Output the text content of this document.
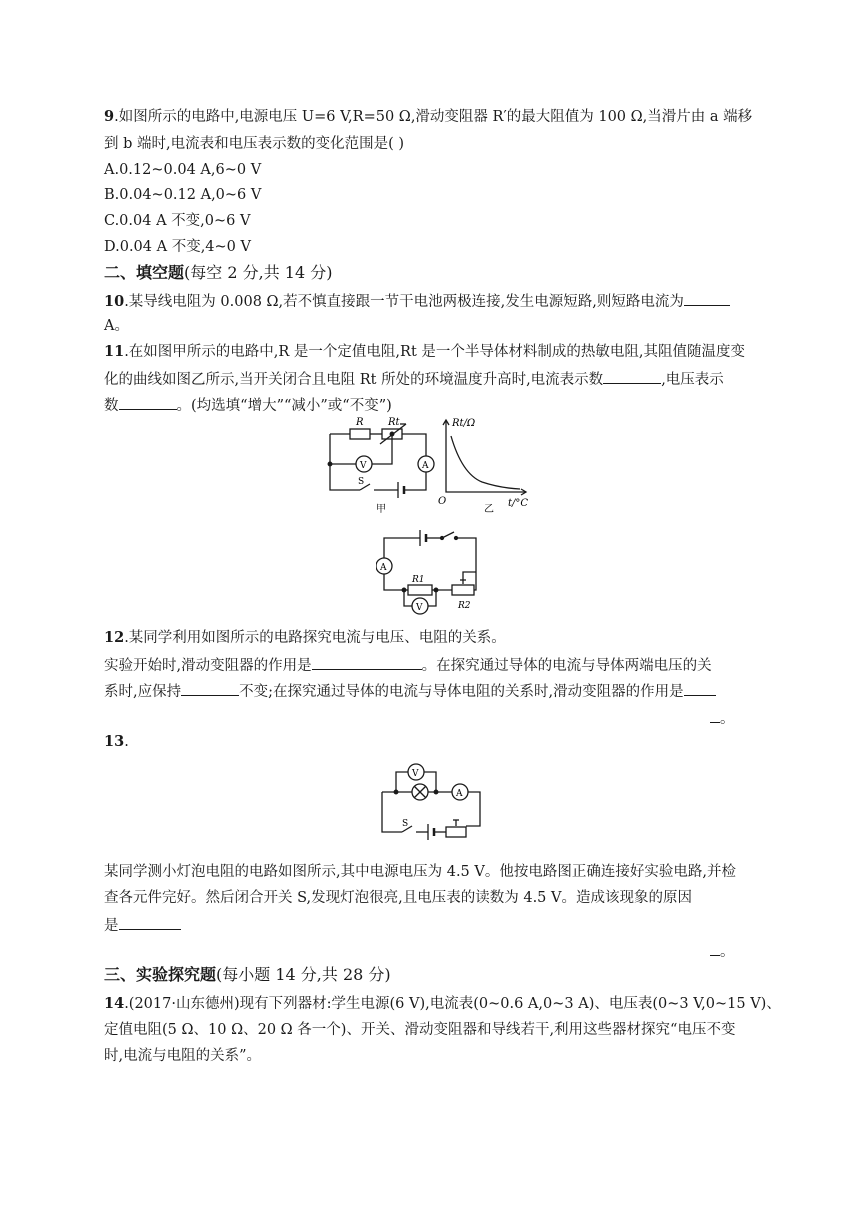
9.如图所示的电路中,电源电压 U=6 V,R=50 Ω,滑动变阻器 R′的最大阻值为 100 Ω,当滑片由 a 端移
到 b 端时,电流表和电压表示数的变化范围是( )
A.0.12~0.04 A,6~0 V
B.0.04~0.12 A,0~6 V
C.0.04 A 不变,0~6 V
D.0.04 A 不变,4~0 V
二、填空题(每空 2 分,共 14 分)
10.某导线电阻为 0.008 Ω,若不慎直接跟一节干电池两极连接,发生电源短路,则短路电流为
A。
11.在如图甲所示的电路中,R 是一个定值电阻,Rt 是一个半导体材料制成的热敏电阻,其阻值随温度变
化的曲线如图乙所示,当开关闭合且电阻 Rt 所处的环境温度升高时,电流表示数	,电压表示
数	。(均选填“增大”“减小”或“不变”)
R Rt
V	A
S
甲
Rt/Ω
O	t/°C
乙
A
R1
V	R2
12.某同学利用如图所示的电路探究电流与电压、电阻的关系。
实验开始时,滑动变阻器的作用是	。在探究通过导体的电流与导体两端电压的关
系时,应保持	不变;在探究通过导体的电流与导体电阻的关系时,滑动变阻器的作用是
。
13.
V
A
S
某同学测小灯泡电阻的电路如图所示,其中电源电压为 4.5 V。他按电路图正确连接好实验电路,并检
查各元件完好。然后闭合开关 S,发现灯泡很亮,且电压表的读数为 4.5 V。造成该现象的原因
是
。
三、实验探究题(每小题 14 分,共 28 分)
14.(2017·山东德州)现有下列器材:学生电源(6 V),电流表(0~0.6 A,0~3 A)、电压表(0~3 V,0~15 V)、
定值电阻(5 Ω、10 Ω、20 Ω 各一个)、开关、滑动变阻器和导线若干,利用这些器材探究“电压不变
时,电流与电阻的关系”。
